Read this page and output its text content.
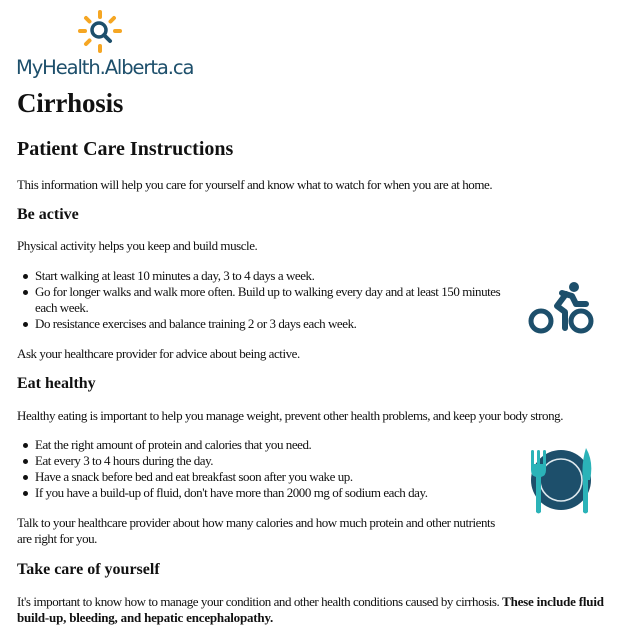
MyHealth.Alberta.ca
Cirrhosis
Patient Care Instructions

This information will help you care for yourself and know what to watch for when you are at home.

Be active

Physical activity helps you keep and build muscle.

Start walking at least 10 minutes a day, 3 to 4 days a week.
Go for longer walks and walk more often. Build up to walking every day and at least 150 minutes each week.
Do resistance exercises and balance training 2 or 3 days each week.

Ask your healthcare provider for advice about being active.

Eat healthy

Healthy eating is important to help you manage weight, prevent other health problems, and keep your body strong.

Eat the right amount of protein and calories that you need.
Eat every 3 to 4 hours during the day.
Have a snack before bed and eat breakfast soon after you wake up.
If you have a build-up of fluid, don't have more than 2000 mg of sodium each day.

Talk to your healthcare provider about how many calories and how much protein and other nutrients are right for you.

Take care of yourself

It's important to know how to manage your condition and other health conditions caused by cirrhosis. These include fluid build-up, bleeding, and hepatic encephalopathy.
